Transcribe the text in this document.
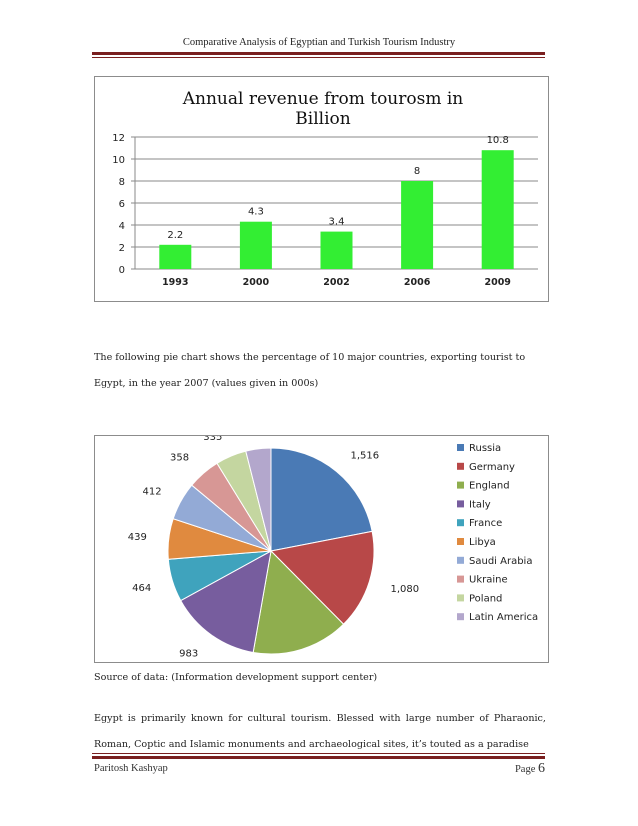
Comparative Analysis of Egyptian and Turkish Tourism Industry
Annual revenue from tourosm in
Billion
0
2
4
6
8
10
12
1993	2000	2002	2006	2009
2.2
4.3
3.4
8
10.8
The following pie chart shows the percentage of 10 major countries, exporting tourist to
Egypt, in the year 2007 (values given in 000s)
1,516
1,080
983
464
439
412
358
335
Russia
Germany
England
Italy
France
Libya
Saudi Arabia
Ukraine
Poland
Latin America
Source of data: (Information development support center)
Egypt is primarily known for cultural tourism. Blessed with large number of Pharaonic,
Roman, Coptic and Islamic monuments and archaeological sites, it’s touted as a paradise
Paritosh Kashyap	Page 6
